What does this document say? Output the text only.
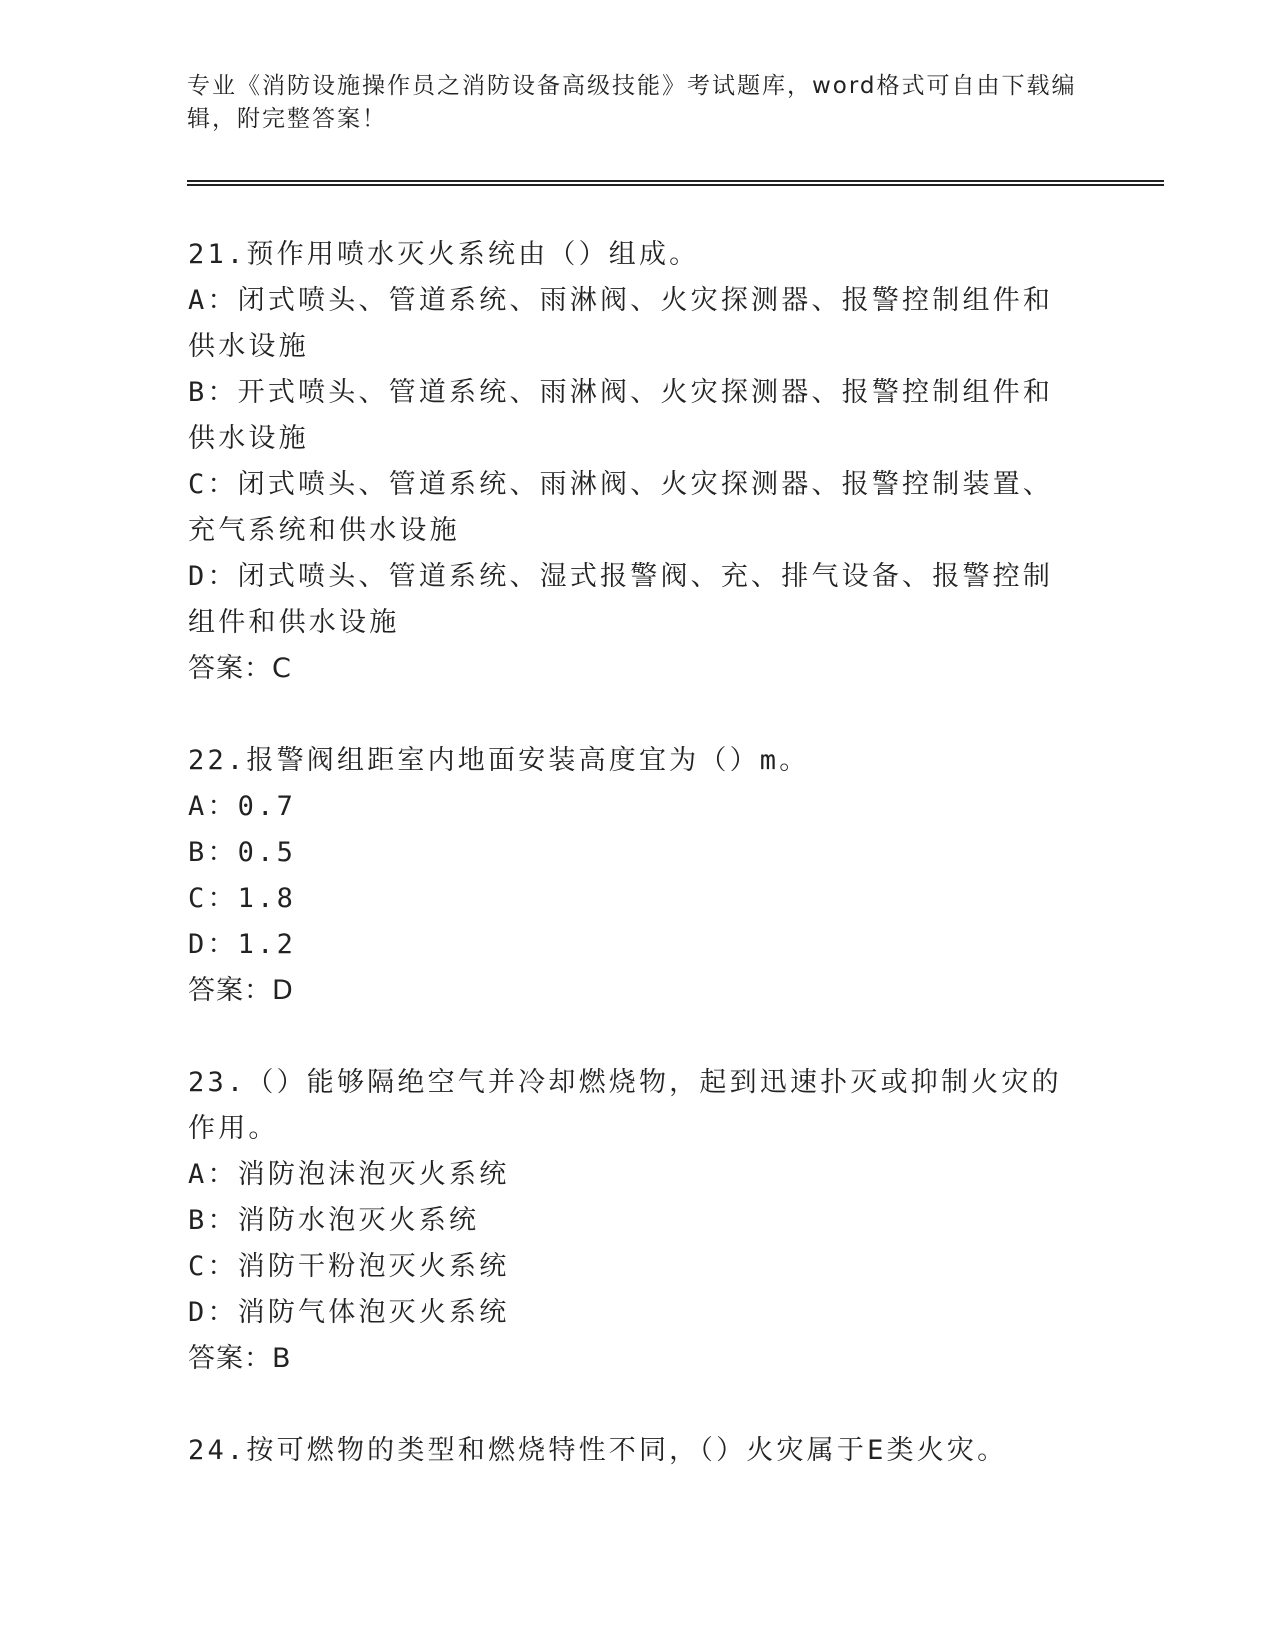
专业《消防设施操作员之消防设备高级技能》考试题库，word格式可自由下载编辑，附完整答案！
21.预作用喷水灭火系统由（）组成。
A：闭式喷头、管道系统、雨淋阀、火灾探测器、报警控制组件和供水设施
B：开式喷头、管道系统、雨淋阀、火灾探测器、报警控制组件和供水设施
C：闭式喷头、管道系统、雨淋阀、火灾探测器、报警控制装置、充气系统和供水设施
D：闭式喷头、管道系统、湿式报警阀、充、排气设备、报警控制组件和供水设施
答案：C
22.报警阀组距室内地面安装高度宜为（）m。
A：0.7
B：0.5
C：1.8
D：1.2
答案：D
23.（）能够隔绝空气并冷却燃烧物，起到迅速扑灭或抑制火灾的作用。
A：消防泡沫泡灭火系统
B：消防水泡灭火系统
C：消防干粉泡灭火系统
D：消防气体泡灭火系统
答案：B
24.按可燃物的类型和燃烧特性不同，（）火灾属于E类火灾。
